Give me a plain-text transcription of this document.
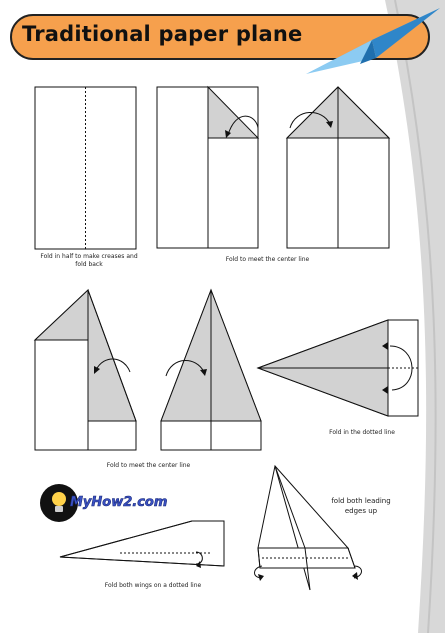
Traditional paper plane
Fold in half to make creases and
fold back
Fold to meet the center line
Fold to meet the center line
Fold in the dotted line
Fold both wings on a dotted line
fold both leading
edges up
MyHow2.com
